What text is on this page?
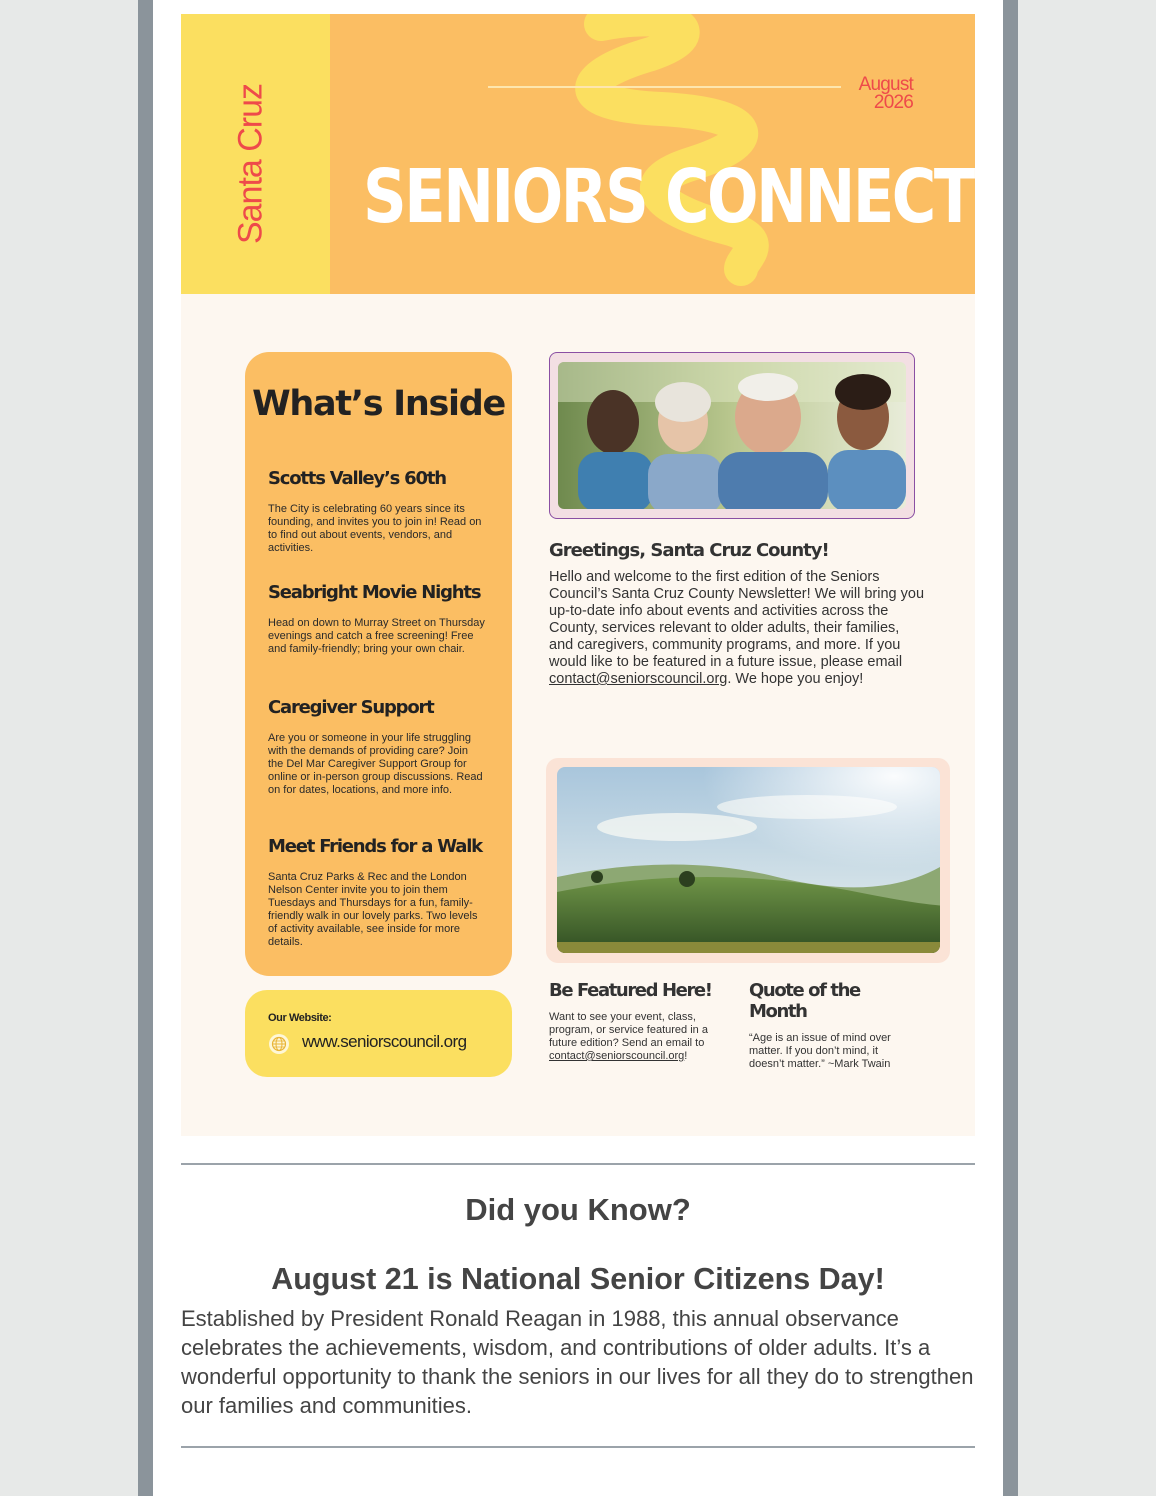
Santa Cruz	August
2026
SENIORS CONNECT
What’s Inside
Scotts Valley’s 60th

The City is celebrating 60 years since its founding, and invites you to join in! Read on to find out about events, vendors, and activities.

Seabright Movie Nights

Head on down to Murray Street on Thursday evenings and catch a free screening! Free and family-friendly; bring your own chair.

Caregiver Support

Are you or someone in your life struggling with the demands of providing care? Join the Del Mar Caregiver Support Group for online or in-person group discussions. Read on for dates, locations, and more info.

Meet Friends for a Walk

Santa Cruz Parks & Rec and the London Nelson Center invite you to join them Tuesdays and Thursdays for a fun, family-friendly walk in our lovely parks. Two levels of activity available, see inside for more details.

Our Website:
www.seniorscouncil.org
Greetings, Santa Cruz County!

Hello and welcome to the first edition of the Seniors Council’s Santa Cruz County Newsletter! We will bring you up-to-date info about events and activities across the County, services relevant to older adults, their families, and caregivers, community programs, and more. If you would like to be featured in a future issue, please email contact@seniorscouncil.org. We hope you enjoy!

Be Featured Here!

Want to see your event, class, program, or service featured in a future edition? Send an email to contact@seniorscouncil.org!

Quote of the Month

“Age is an issue of mind over matter. If you don’t mind, it doesn’t matter.” ~Mark Twain

Did you Know?
August 21 is National Senior Citizens Day!
Established by President Ronald Reagan in 1988, this annual observance celebrates the achievements, wisdom, and contributions of older adults. It’s a wonderful opportunity to thank the seniors in our lives for all they do to strengthen our families and communities.
